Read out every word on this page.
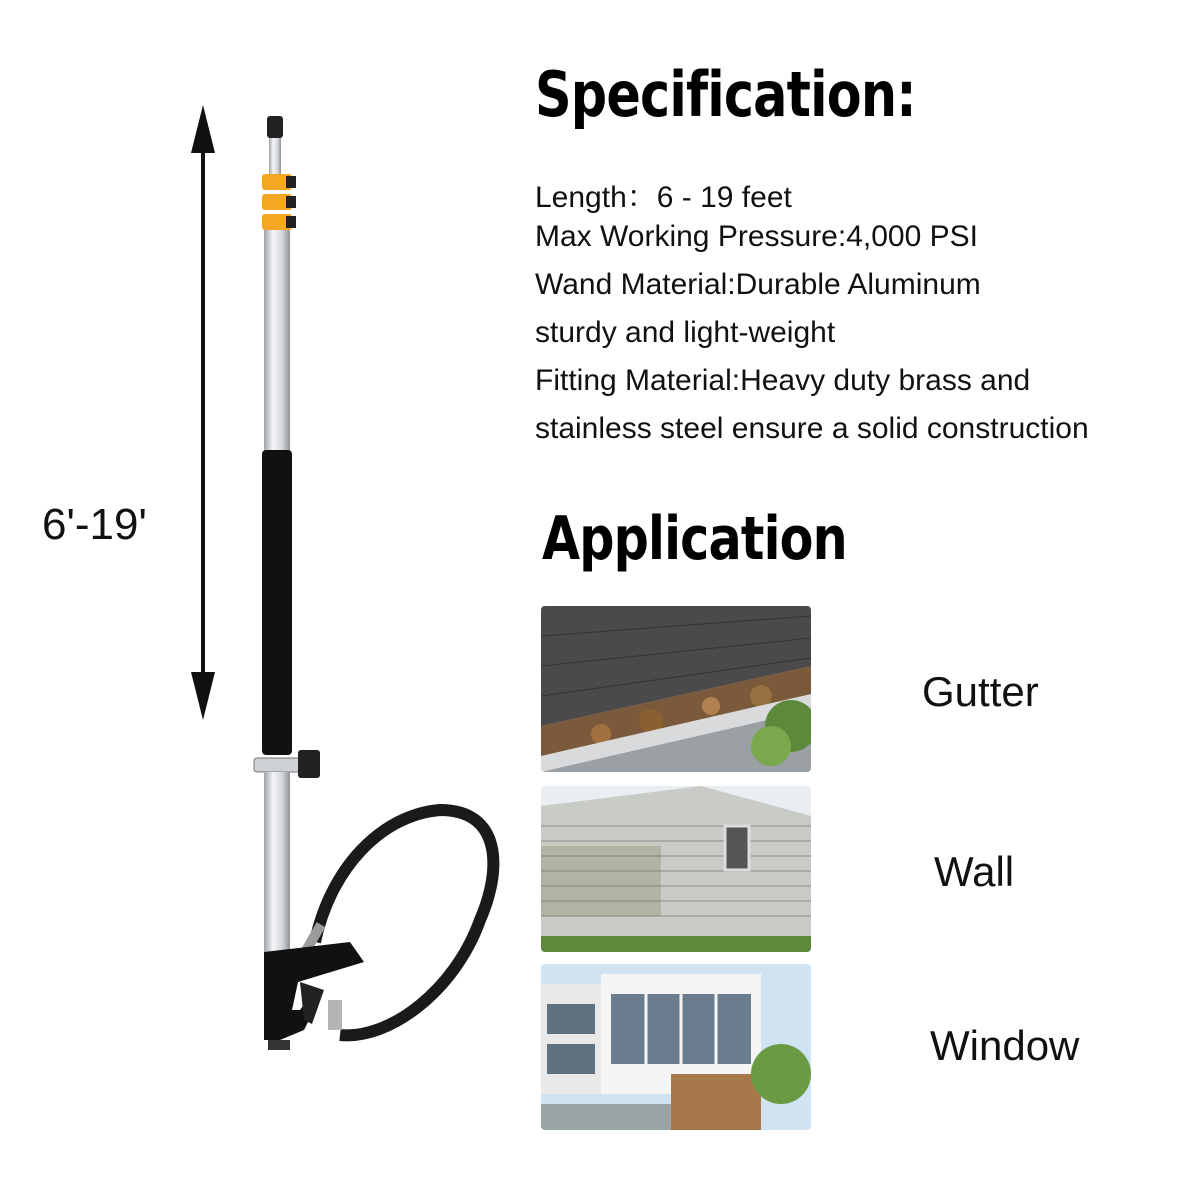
6'-19'
Specification:
Length：6 - 19 feet
Max Working Pressure:4,000 PSI
Wand Material:Durable Aluminum
sturdy and light-weight
Fitting Material:Heavy duty brass and
stainless steel ensure a solid construction
Application
Gutter
Wall
Window
